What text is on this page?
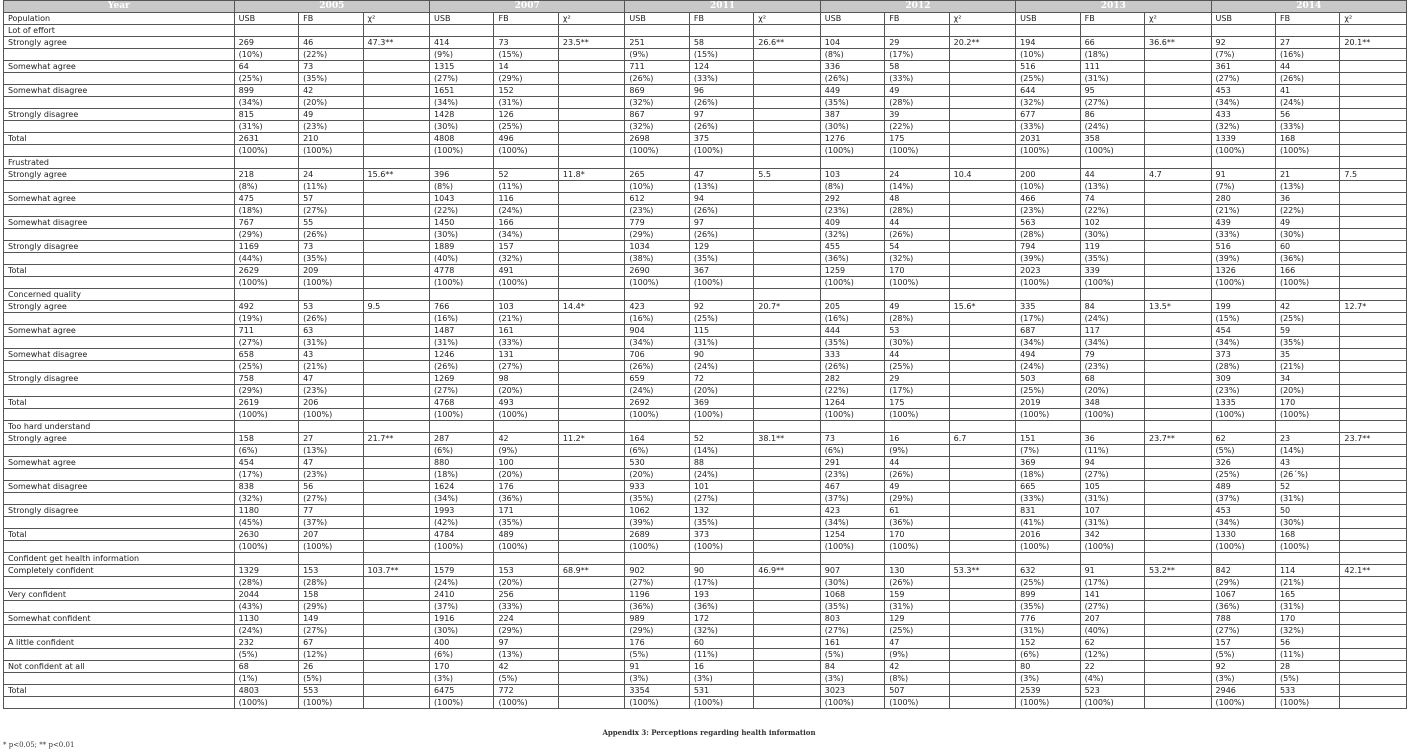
Year	2005			2007			2011			2012			2013			2014		
Population	USB	FB	χ²	USB	FB	χ²	USB	FB	χ²	USB	FB	χ²	USB	FB	χ²	USB	FB	χ²
Lot of effort																		
Strongly agree	269	46	47.3**	414	73	23.5**	251	58	26.6**	104	29	20.2**	194	66	36.6**	92	27	20.1**
	(10%)	(22%)		(9%)	(15%)		(9%)	(15%)		(8%)	(17%)		(10%)	(18%)		(7%)	(16%)	
Somewhat agree	64	73		1315	14		711	124		336	58		516	111		361	44	
	(25%)	(35%)		(27%)	(29%)		(26%)	(33%)		(26%)	(33%)		(25%)	(31%)		(27%)	(26%)	
Somewhat disagree	899	42		1651	152		869	96		449	49		644	95		453	41	
	(34%)	(20%)		(34%)	(31%)		(32%)	(26%)		(35%)	(28%)		(32%)	(27%)		(34%)	(24%)	
Strongly disagree	815	49		1428	126		867	97		387	39		677	86		433	56	
	(31%)	(23%)		(30%)	(25%)		(32%)	(26%)		(30%)	(22%)		(33%)	(24%)		(32%)	(33%)	
Total	2631	210		4808	496		2698	375		1276	175		2031	358		1339	168	
	(100%)	(100%)		(100%)	(100%)		(100%)	(100%)		(100%)	(100%)		(100%)	(100%)		(100%)	(100%)	
Frustrated																		
Strongly agree	218	24	15.6**	396	52	11.8*	265	47	5.5	103	24	10.4	200	44	4.7	91	21	7.5
	(8%)	(11%)		(8%)	(11%)		(10%)	(13%)		(8%)	(14%)		(10%)	(13%)		(7%)	(13%)	
Somewhat agree	475	57		1043	116		612	94		292	48		466	74		280	36	
	(18%)	(27%)		(22%)	(24%)		(23%)	(26%)		(23%)	(28%)		(23%)	(22%)		(21%)	(22%)	
Somewhat disagree	767	55		1450	166		779	97		409	44		563	102		439	49	
	(29%)	(26%)		(30%)	(34%)		(29%)	(26%)		(32%)	(26%)		(28%)	(30%)		(33%)	(30%)	
Strongly disagree	1169	73		1889	157		1034	129		455	54		794	119		516	60	
	(44%)	(35%)		(40%)	(32%)		(38%)	(35%)		(36%)	(32%)		(39%)	(35%)		(39%)	(36%)	
Total	2629	209		4778	491		2690	367		1259	170		2023	339		1326	166	
	(100%)	(100%)		(100%)	(100%)		(100%)	(100%)		(100%)	(100%)		(100%)	(100%)		(100%)	(100%)	
Concerned quality																		
Strongly agree	492	53	9.5	766	103	14.4*	423	92	20.7*	205	49	15.6*	335	84	13.5*	199	42	12.7*
	(19%)	(26%)		(16%)	(21%)		(16%)	(25%)		(16%)	(28%)		(17%)	(24%)		(15%)	(25%)	
Somewhat agree	711	63		1487	161		904	115		444	53		687	117		454	59	
	(27%)	(31%)		(31%)	(33%)		(34%)	(31%)		(35%)	(30%)		(34%)	(34%)		(34%)	(35%)	
Somewhat disagree	658	43		1246	131		706	90		333	44		494	79		373	35	
	(25%)	(21%)		(26%)	(27%)		(26%)	(24%)		(26%)	(25%)		(24%)	(23%)		(28%)	(21%)	
Strongly disagree	758	47		1269	98		659	72		282	29		503	68		309	34	
	(29%)	(23%)		(27%)	(20%)		(24%)	(20%)		(22%)	(17%)		(25%)	(20%)		(23%)	(20%)	
Total	2619	206		4768	493		2692	369		1264	175		2019	348		1335	170	
	(100%)	(100%)		(100%)	(100%)		(100%)	(100%)		(100%)	(100%)		(100%)	(100%)		(100%)	(100%)	
Too hard understand																		
Strongly agree	158	27	21.7**	287	42	11.2*	164	52	38.1**	73	16	6.7	151	36	23.7**	62	23	23.7**
	(6%)	(13%)		(6%)	(9%)		(6%)	(14%)		(6%)	(9%)		(7%)	(11%)		(5%)	(14%)	
Somewhat agree	454	47		880	100		530	88		291	44		369	94		326	43	
	(17%)	(23%)		(18%)	(20%)		(20%)	(24%)		(23%)	(26%)		(18%)	(27%)		(25%)	(26´%)	
Somewhat disagree	838	56		1624	176		933	101		467	49		665	105		489	52	
	(32%)	(27%)		(34%)	(36%)		(35%)	(27%)		(37%)	(29%)		(33%)	(31%)		(37%)	(31%)	
Strongly disagree	1180	77		1993	171		1062	132		423	61		831	107		453	50	
	(45%)	(37%)		(42%)	(35%)		(39%)	(35%)		(34%)	(36%)		(41%)	(31%)		(34%)	(30%)	
Total	2630	207		4784	489		2689	373		1254	170		2016	342		1330	168	
	(100%)	(100%)		(100%)	(100%)		(100%)	(100%)		(100%)	(100%)		(100%)	(100%)		(100%)	(100%)	
Confident get health information																		
Completely confident	1329	153	103.7**	1579	153	68.9**	902	90	46.9**	907	130	53.3**	632	91	53.2**	842	114	42.1**
	(28%)	(28%)		(24%)	(20%)		(27%)	(17%)		(30%)	(26%)		(25%)	(17%)		(29%)	(21%)	
Very confident	2044	158		2410	256		1196	193		1068	159		899	141		1067	165	
	(43%)	(29%)		(37%)	(33%)		(36%)	(36%)		(35%)	(31%)		(35%)	(27%)		(36%)	(31%)	
Somewhat confident	1130	149		1916	224		989	172		803	129		776	207		788	170	
	(24%)	(27%)		(30%)	(29%)		(29%)	(32%)		(27%)	(25%)		(31%)	(40%)		(27%)	(32%)	
A little confident	232	67		400	97		176	60		161	47		152	62		157	56	
	(5%)	(12%)		(6%)	(13%)		(5%)	(11%)		(5%)	(9%)		(6%)	(12%)		(5%)	(11%)	
Not confident at all	68	26		170	42		91	16		84	42		80	22		92	28	
	(1%)	(5%)		(3%)	(5%)		(3%)	(3%)		(3%)	(8%)		(3%)	(4%)		(3%)	(5%)	
Total	4803	553		6475	772		3354	531		3023	507		2539	523		2946	533	
	(100%)	(100%)		(100%)	(100%)		(100%)	(100%)		(100%)	(100%)		(100%)	(100%)		(100%)	(100%)	
Appendix 3: Perceptions regarding health information
* p<0.05; ** p<0.01
